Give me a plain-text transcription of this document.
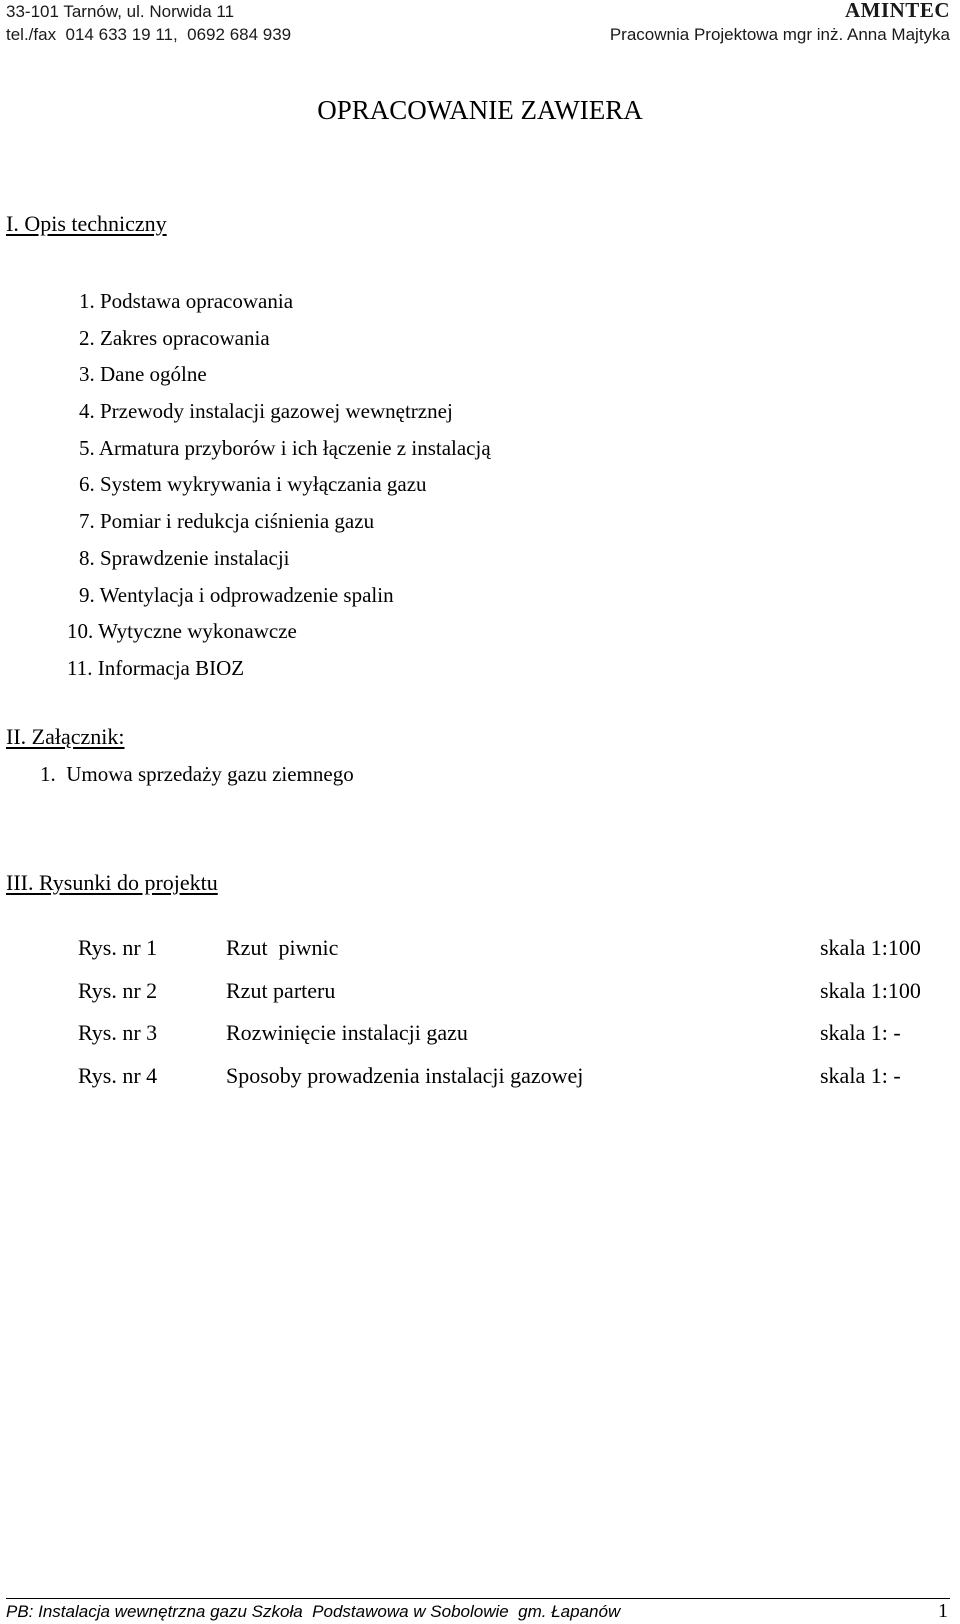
33-101 Tarnów, ul. Norwida 11
tel./fax  014 633 19 11,  0692 684 939
AMINTEC
Pracownia Projektowa mgr inż. Anna Majtyka
OPRACOWANIE ZAWIERA
I. Opis techniczny
1. Podstawa opracowania
2. Zakres opracowania
3. Dane ogólne
4. Przewody instalacji gazowej wewnętrznej
5. Armatura przyborów i ich łączenie z instalacją
6. System wykrywania i wyłączania gazu
7. Pomiar i redukcja ciśnienia gazu
8. Sprawdzenie instalacji
9. Wentylacja i odprowadzenie spalin
10. Wytyczne wykonawcze
11. Informacja BIOZ
II. Załącznik:
1. Umowa sprzedaży gazu ziemnego
III. Rysunki do projektu
Rys. nr 1	Rzut  piwnic	skala 1:100
Rys. nr 2	Rzut parteru	skala 1:100
Rys. nr 3	Rozwinięcie instalacji gazu	skala 1: -
Rys. nr 4	Sposoby prowadzenia instalacji gazowej	skala 1: -
PB: Instalacja wewnętrzna gazu Szkoła  Podstawowa w Sobolowie  gm. Łapanów	1
